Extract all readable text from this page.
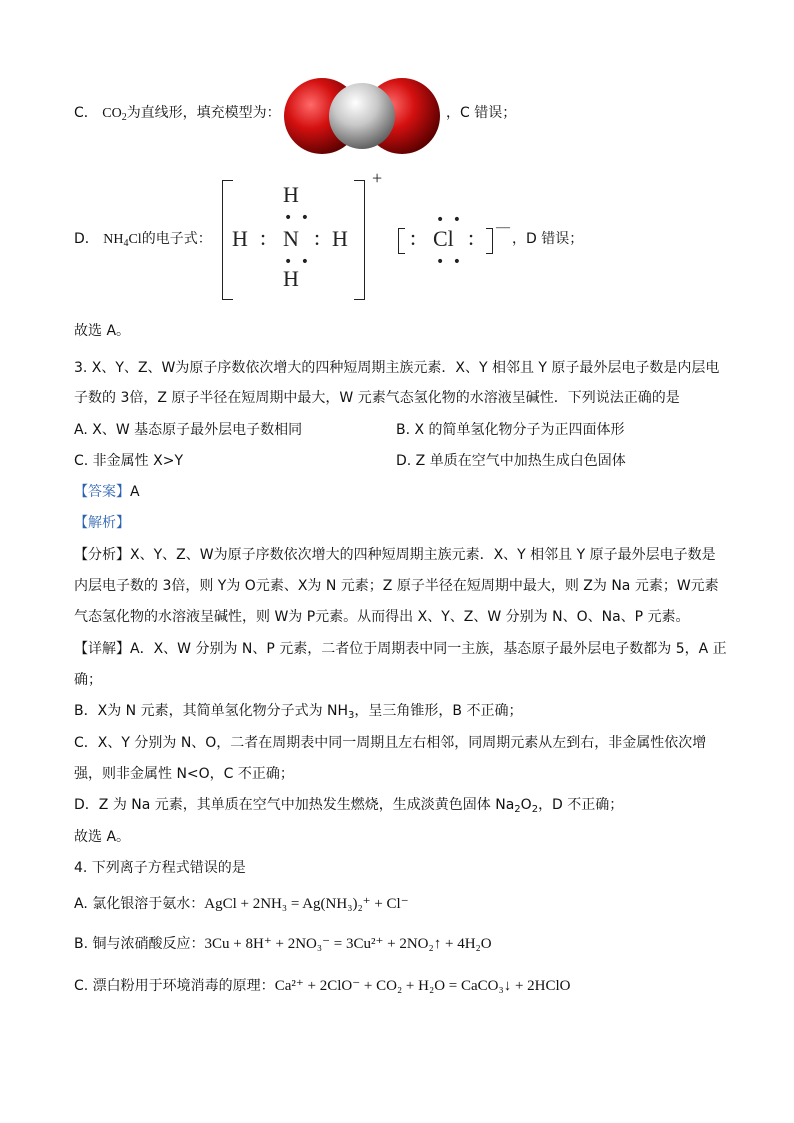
C． $CO_2$为直线形，填充模型为：	，C 错误；
D． $NH_4Cl$的电子式：
+
H
• •
H : N : H
• •
H
:
• •
Cl
• •
: —
，D 错误；
故选 A。
3. X、Y、Z、W为原子序数依次增大的四种短周期主族元素．X、Y 相邻且 Y 原子最外层电子数是内层电
子数的 3倍，Z 原子半径在短周期中最大，W 元素气态氢化物的水溶液呈碱性．下列说法正确的是
A. X、W 基态原子最外层电子数相同	B. X 的简单氢化物分子为正四面体形
C. 非金属性 X>Y	D. Z 单质在空气中加热生成白色固体
【答案】A
【解析】
【分析】X、Y、Z、W为原子序数依次增大的四种短周期主族元素．X、Y 相邻且 Y 原子最外层电子数是
内层电子数的 3倍，则 Y为 O元素、X为 N 元素；Z 原子半径在短周期中最大，则 Z为 Na 元素；W元素
气态氢化物的水溶液呈碱性，则 W为 P元素。从而得出 X、Y、Z、W 分别为 N、O、Na、P 元素。
【详解】A．X、W 分别为 N、P 元素，二者位于周期表中同一主族，基态原子最外层电子数都为 5，A 正
确；
B．X为 N 元素，其简单氢化物分子式为 $NH_3$，呈三角锥形，B 不正确；
C．X、Y 分别为 N、O，二者在周期表中同一周期且左右相邻，同周期元素从左到右，非金属性依次增
强，则非金属性 N<O，C 不正确；
D．Z 为 Na 元素，其单质在空气中加热发生燃烧，生成淡黄色固体 $Na_2O_2$，D 不正确；
故选 A。
4. 下列离子方程式错误的是
A. 氯化银溶于氨水：AgCl + 2NH₃ = Ag(NH₃)₂⁺ + Cl⁻
B. 铜与浓硝酸反应：3Cu + 8H⁺ + 2NO₃⁻ = 3Cu²⁺ + 2NO₂↑ + 4H₂O
C. 漂白粉用于环境消毒的原理：Ca²⁺ + 2ClO⁻ + CO₂ + H₂O = CaCO₃↓ + 2HClO
